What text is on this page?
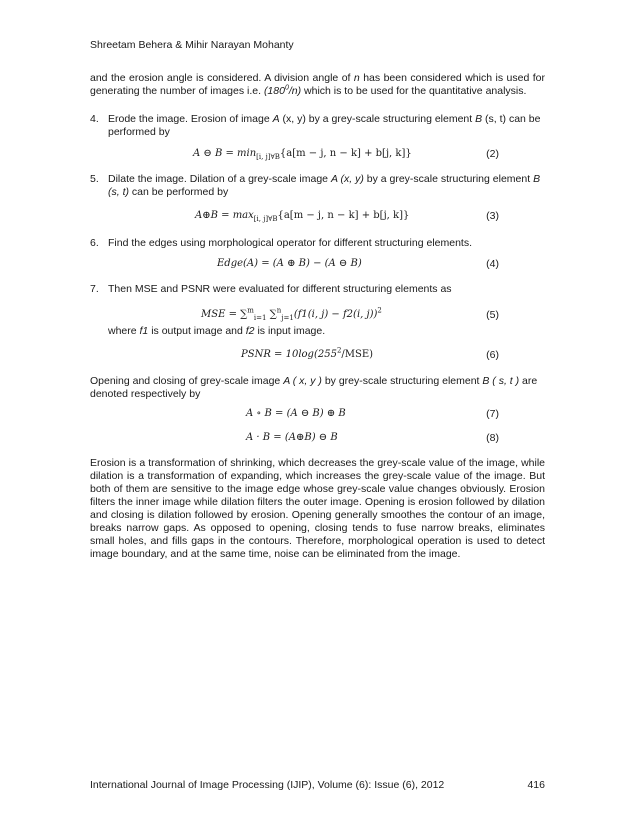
Shreetam Behera & Mihir Narayan Mohanty
and the erosion angle is considered. A division angle of n has been considered which is used for generating the number of images i.e. $(180^0/n)$ which is to be used for the quantitative analysis.
4. Erode the image. Erosion of image A (x, y) by a grey-scale structuring element B (s, t) can be performed by
A ⊖ $B = \min_{[i, j]\forall B}\{a[m - j$, n − k] + b[j, k]}	(2)
5. Dilate the image. Dilation of a grey-scale image A (x, y) by a grey-scale structuring element B (s, t) can be performed by
A⊕B = $\max_{[i, j]\forall B}\{a[m - j$, n − k] + b[j, k]}	(3)
6. Find the edges using morphological operator for different structuring elements.
Edge(A) = (A ⊕ B) − (A ⊖ B)	(4)
7. Then MSE and PSNR were evaluated for different structuring elements as
MSE = ∑$^m_{i=1}$ ∑$^n_{j=1}$(f1(i, j) − f2(i, j))$^2$	(5)
where f1 is output image and f2 is input image.
PSNR = $10\log(255^2/MSE)$	(6)
Opening and closing of grey-scale image A ( x, y ) by grey-scale structuring element B ( s, t ) are denoted respectively by
A ∘ B = (A ⊖ B) ⊕ B	(7)
A · B = (A⊕B) ⊖ B	(8)
Erosion is a transformation of shrinking, which decreases the grey-scale value of the image, while dilation is a transformation of expanding, which increases the grey-scale value of the image. But both of them are sensitive to the image edge whose grey-scale value changes obviously. Erosion filters the inner image while dilation filters the outer image. Opening is erosion followed by dilation and closing is dilation followed by erosion. Opening generally smoothes the contour of an image, breaks narrow gaps. As opposed to opening, closing tends to fuse narrow breaks, eliminates small holes, and fills gaps in the contours. Therefore, morphological operation is used to detect image boundary, and at the same time, noise can be eliminated from the image.
International Journal of Image Processing (IJIP), Volume (6): Issue (6), 2012	416
